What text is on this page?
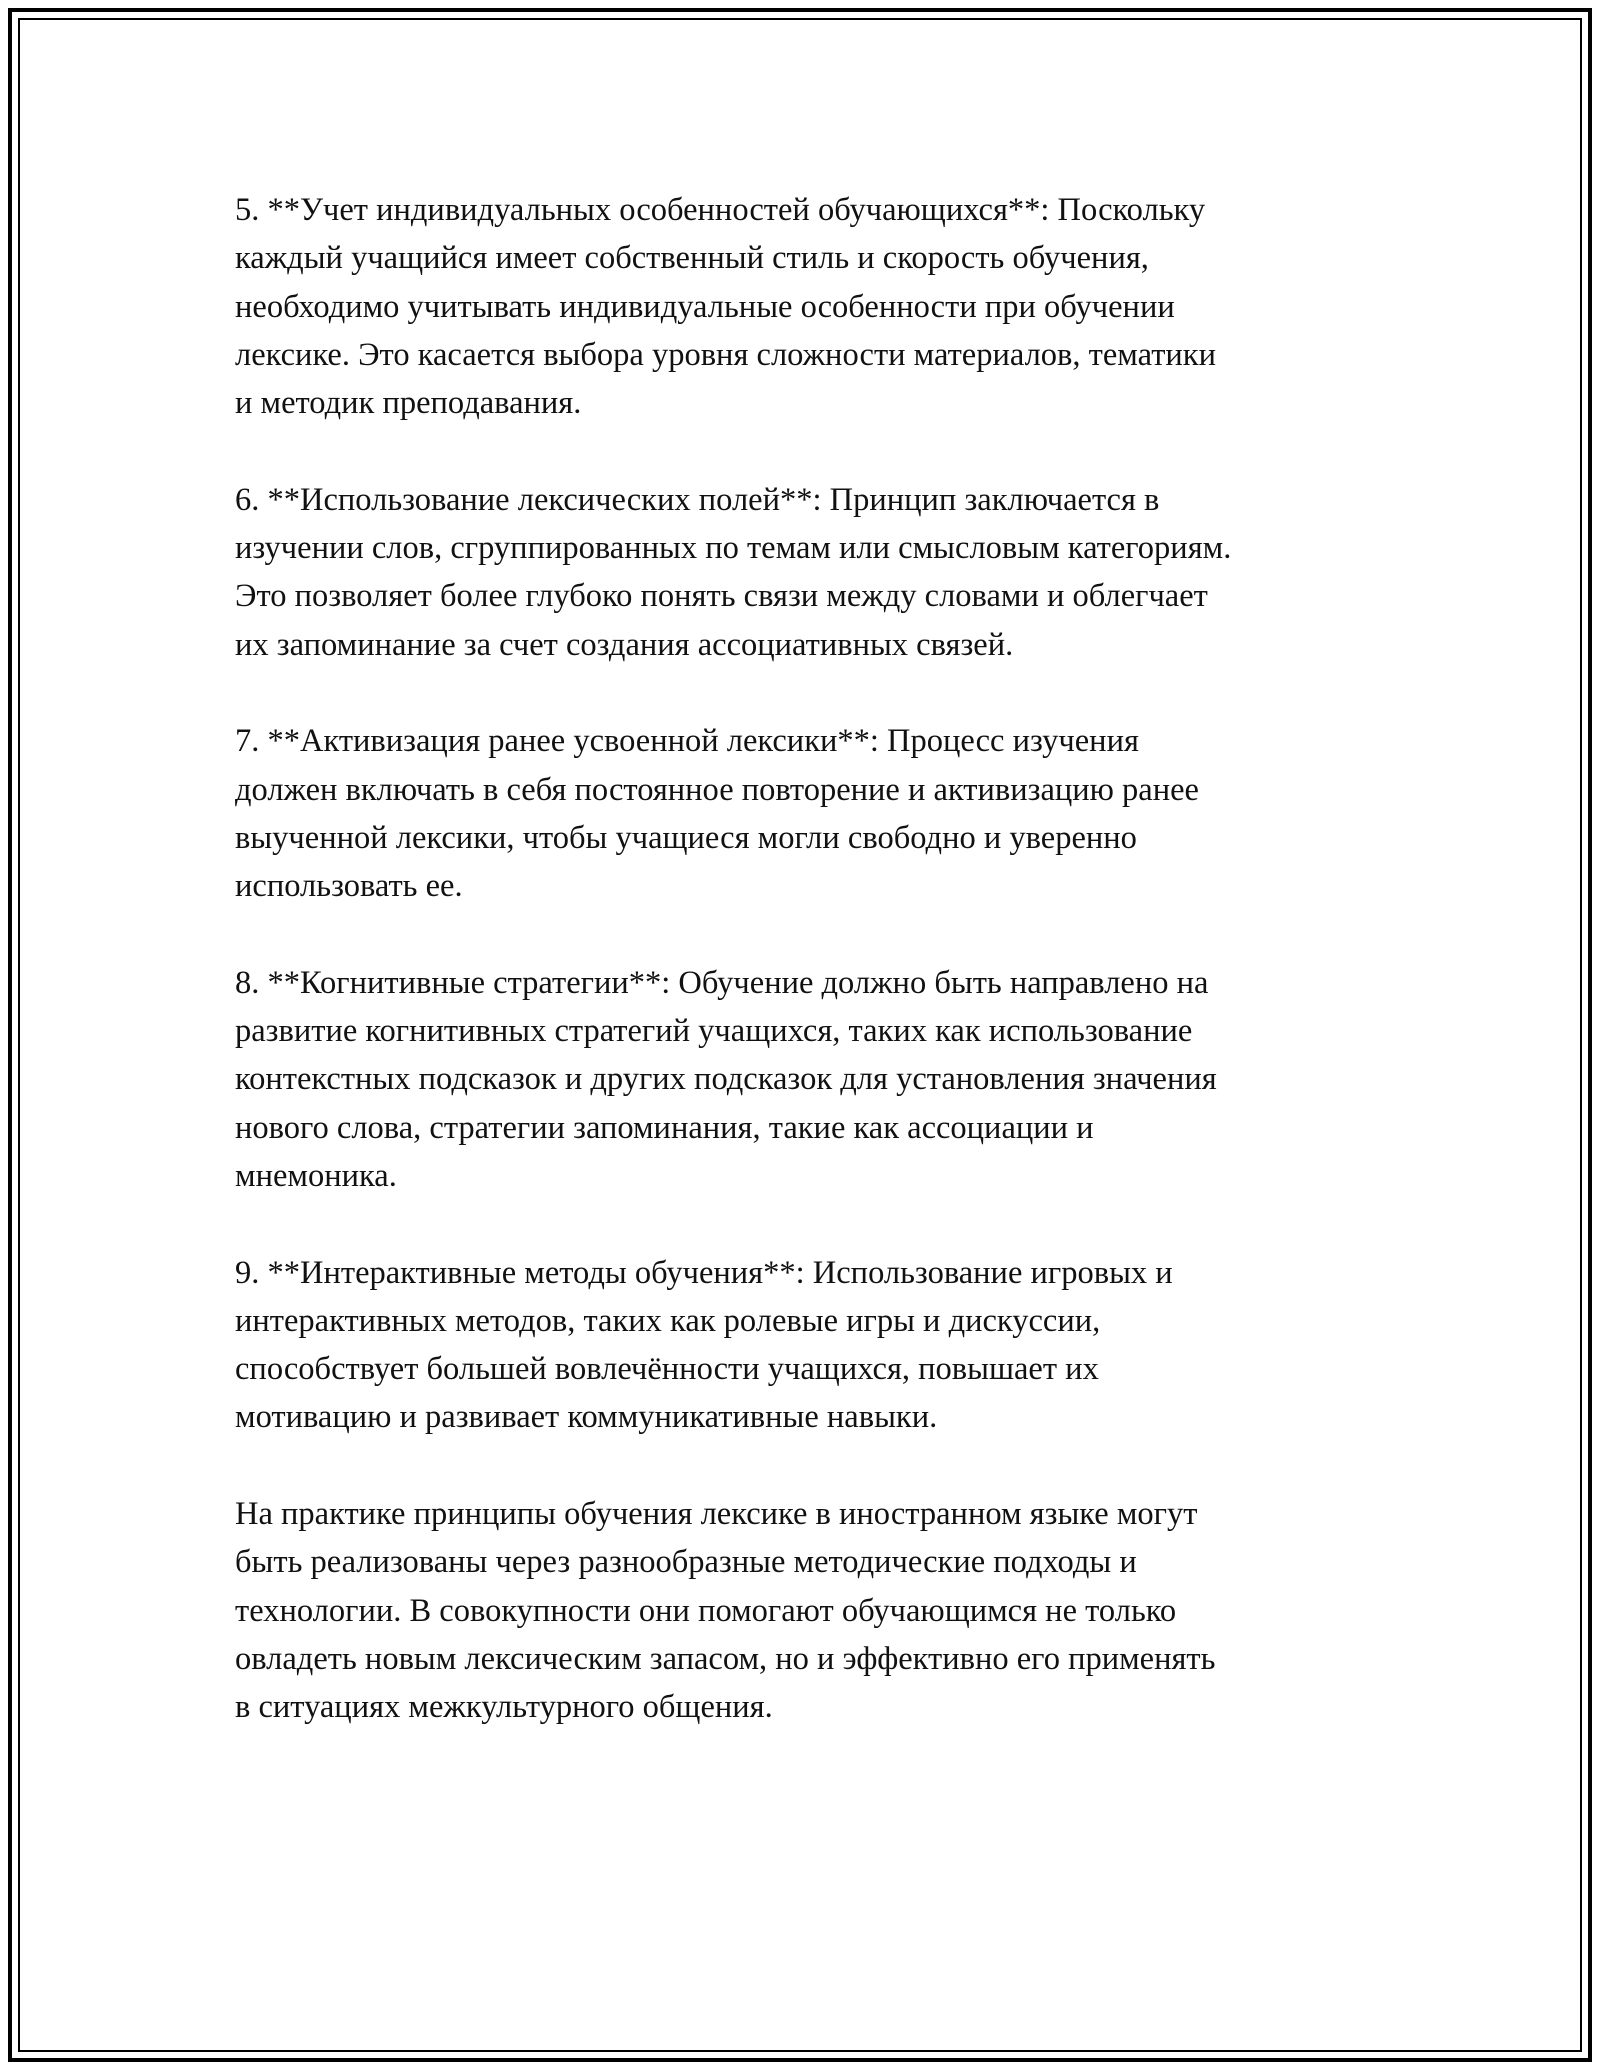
5. **Учет индивидуальных особенностей обучающихся**: Поскольку
каждый учащийся имеет собственный стиль и скорость обучения,
необходимо учитывать индивидуальные особенности при обучении
лексике. Это касается выбора уровня сложности материалов, тематики
и методик преподавания.

6. **Использование лексических полей**: Принцип заключается в
изучении слов, сгруппированных по темам или смысловым категориям.
Это позволяет более глубоко понять связи между словами и облегчает
их запоминание за счет создания ассоциативных связей.

7. **Активизация ранее усвоенной лексики**: Процесс изучения
должен включать в себя постоянное повторение и активизацию ранее
выученной лексики, чтобы учащиеся могли свободно и уверенно
использовать ее.

8. **Когнитивные стратегии**: Обучение должно быть направлено на
развитие когнитивных стратегий учащихся, таких как использование
контекстных подсказок и других подсказок для установления значения
нового слова, стратегии запоминания, такие как ассоциации и
мнемоника.

9. **Интерактивные методы обучения**: Использование игровых и
интерактивных методов, таких как ролевые игры и дискуссии,
способствует большей вовлечённости учащихся, повышает их
мотивацию и развивает коммуникативные навыки.

На практике принципы обучения лексике в иностранном языке могут
быть реализованы через разнообразные методические подходы и
технологии. В совокупности они помогают обучающимся не только
овладеть новым лексическим запасом, но и эффективно его применять
в ситуациях межкультурного общения.
